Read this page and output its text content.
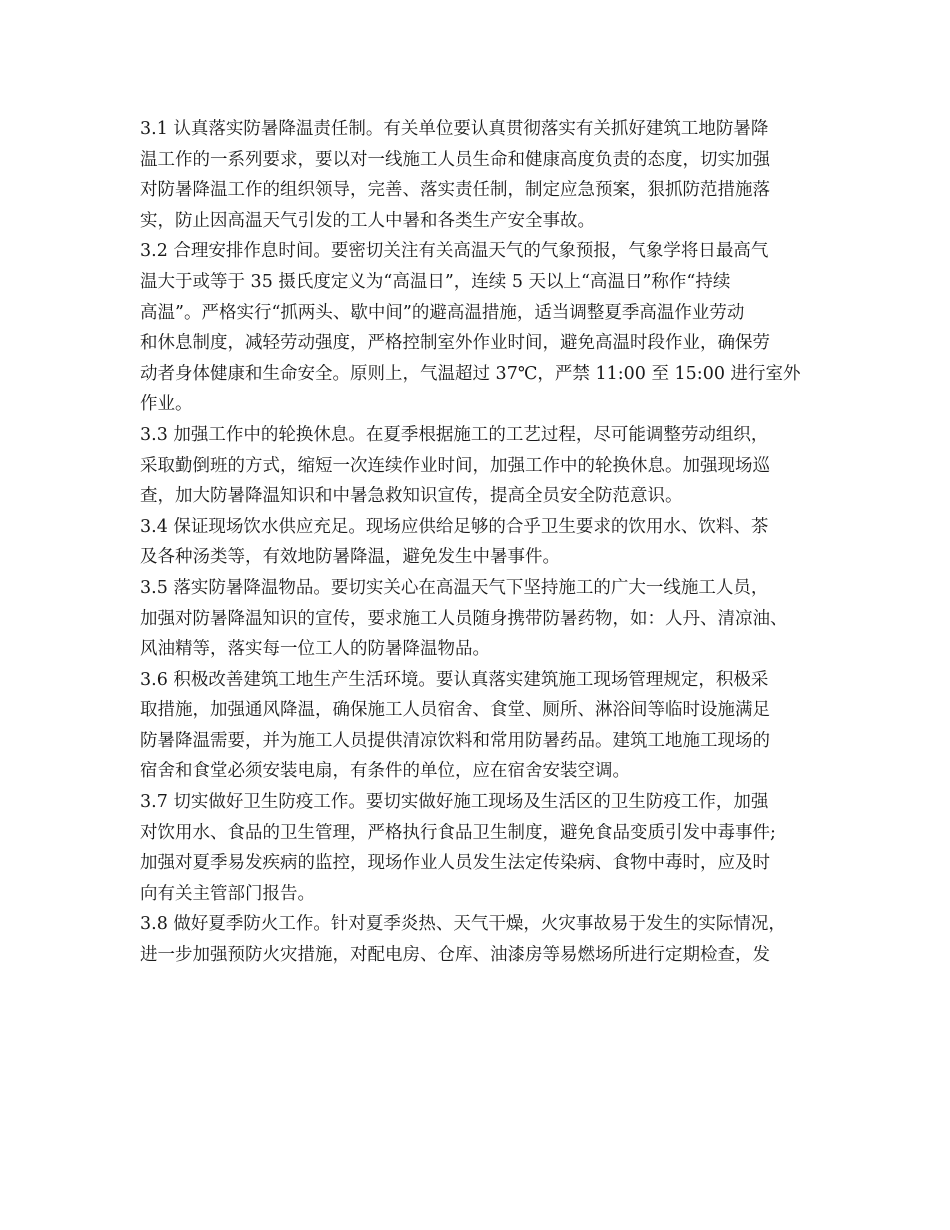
3.1 认真落实防暑降温责任制。有关单位要认真贯彻落实有关抓好建筑工地防暑降
温工作的一系列要求，要以对一线施工人员生命和健康高度负责的态度，切实加强
对防暑降温工作的组织领导，完善、落实责任制，制定应急预案，狠抓防范措施落
实，防止因高温天气引发的工人中暑和各类生产安全事故。
3.2 合理安排作息时间。要密切关注有关高温天气的气象预报，气象学将日最高气
温大于或等于 35 摄氏度定义为“高温日”，连续 5 天以上“高温日”称作“持续
高温”。严格实行“抓两头、歇中间”的避高温措施，适当调整夏季高温作业劳动
和休息制度，减轻劳动强度，严格控制室外作业时间，避免高温时段作业，确保劳
动者身体健康和生命安全。原则上，气温超过 37℃，严禁 11:00 至 15:00 进行室外
作业。
3.3 加强工作中的轮换休息。在夏季根据施工的工艺过程，尽可能调整劳动组织，
采取勤倒班的方式，缩短一次连续作业时间，加强工作中的轮换休息。加强现场巡
查，加大防暑降温知识和中暑急救知识宣传，提高全员安全防范意识。
3.4 保证现场饮水供应充足。现场应供给足够的合乎卫生要求的饮用水、饮料、茶
及各种汤类等，有效地防暑降温，避免发生中暑事件。
3.5 落实防暑降温物品。要切实关心在高温天气下坚持施工的广大一线施工人员，
加强对防暑降温知识的宣传，要求施工人员随身携带防暑药物，如：人丹、清凉油、
风油精等，落实每一位工人的防暑降温物品。
3.6 积极改善建筑工地生产生活环境。要认真落实建筑施工现场管理规定，积极采
取措施，加强通风降温，确保施工人员宿舍、食堂、厕所、淋浴间等临时设施满足
防暑降温需要，并为施工人员提供清凉饮料和常用防暑药品。建筑工地施工现场的
宿舍和食堂必须安装电扇，有条件的单位，应在宿舍安装空调。
3.7 切实做好卫生防疫工作。要切实做好施工现场及生活区的卫生防疫工作，加强
对饮用水、食品的卫生管理，严格执行食品卫生制度，避免食品变质引发中毒事件;
加强对夏季易发疾病的监控，现场作业人员发生法定传染病、食物中毒时，应及时
向有关主管部门报告。
3.8 做好夏季防火工作。针对夏季炎热、天气干燥，火灾事故易于发生的实际情况，
进一步加强预防火灾措施，对配电房、仓库、油漆房等易燃场所进行定期检查，发
